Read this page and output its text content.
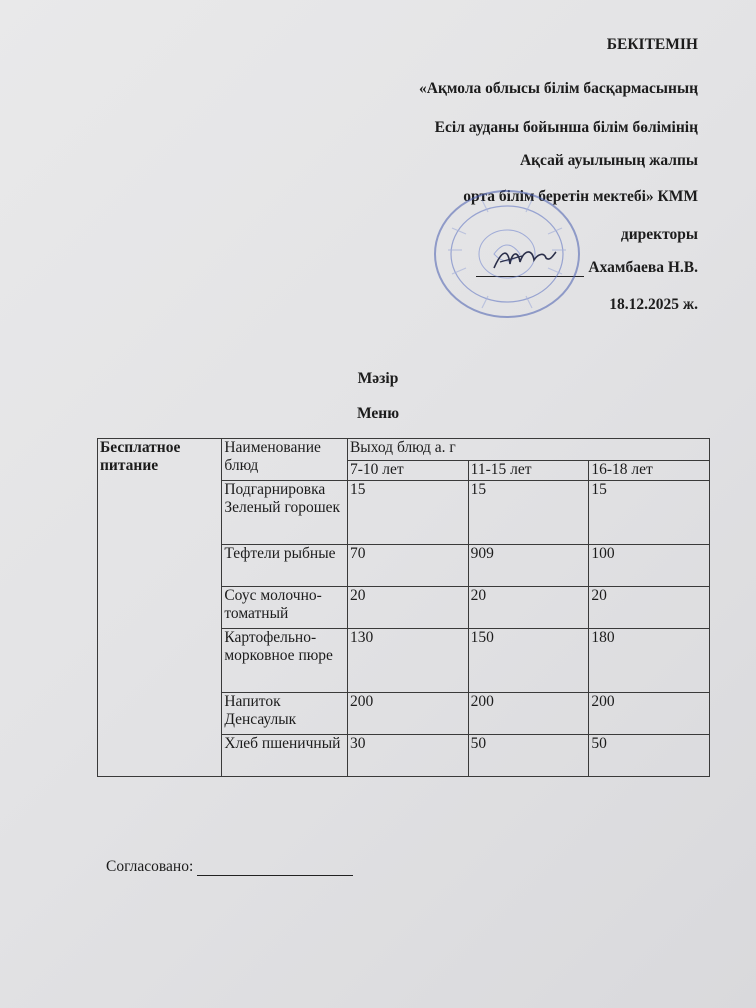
БЕКІТЕМІН
«Ақмола облысы білім басқармасының
Есіл ауданы бойынша білім бөлімінің
Ақсай ауылының жалпы
орта білім беретін мектебі» КММ
директоры
Ахамбаева Н.В.
18.12.2025 ж.
Мәзір
Меню
Бесплатное питание	Наименование блюд	Выход блюд а. г		
		7-10 лет	11-15 лет	16-18 лет
	Подгарнировка Зеленый горошек	15	15	15
	Тефтели рыбные	70	909	100
	Соус молочно-томатный	20	20	20
	Картофельно-морковное пюре	130	150	180
	Напиток Денсаулык	200	200	200
	Хлеб пшеничный	30	50	50
Согласовано:
